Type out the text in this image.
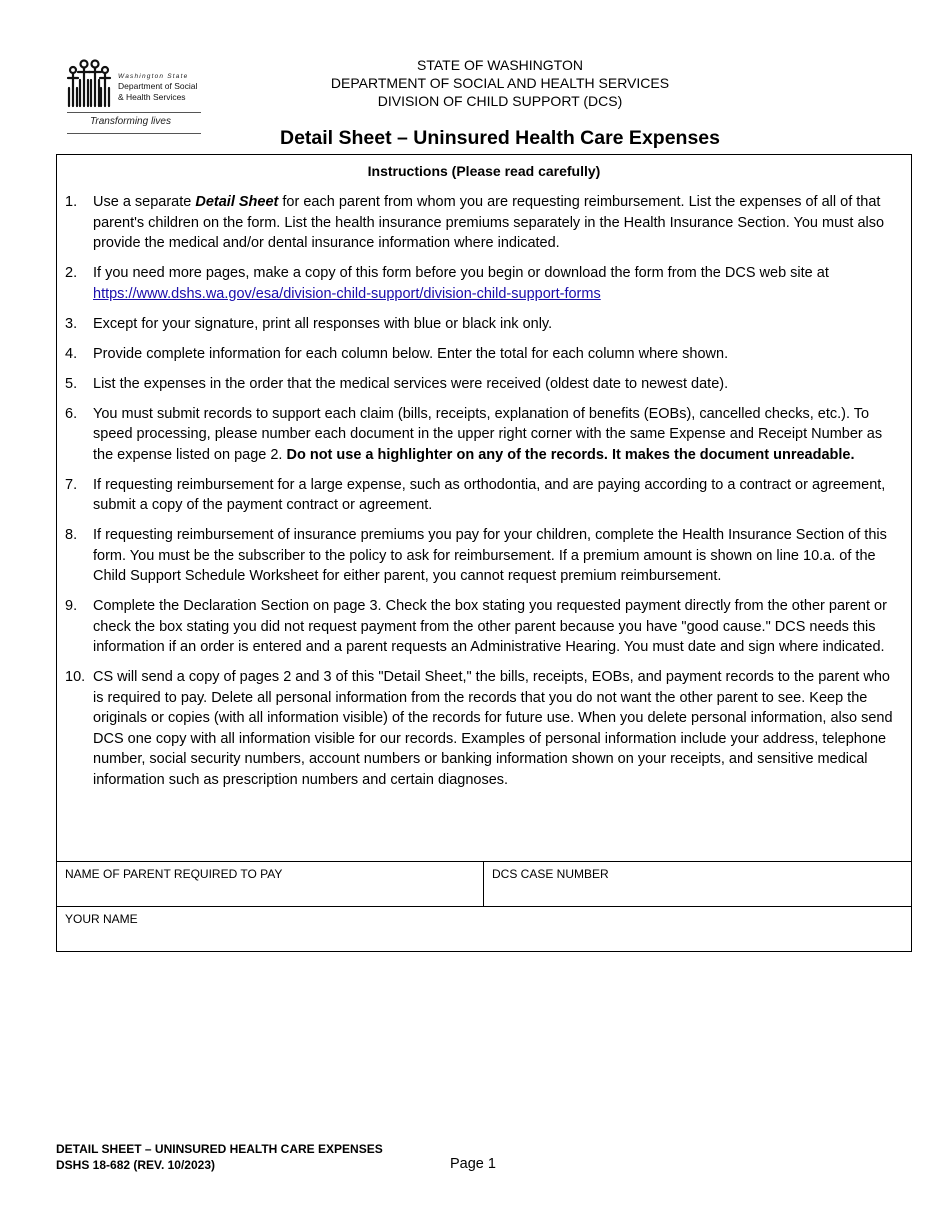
Washington State
Department of Social
& Health Services
Transforming lives
STATE OF WASHINGTON
DEPARTMENT OF SOCIAL AND HEALTH SERVICES
DIVISION OF CHILD SUPPORT (DCS)
Detail Sheet – Uninsured Health Care Expenses
Instructions (Please read carefully)
1.	Use a separate Detail Sheet for each parent from whom you are requesting reimbursement. List the expenses of all of that parent's children on the form. List the health insurance premiums separately in the Health Insurance Section. You must also provide the medical and/or dental insurance information where indicated.
2.	If you need more pages, make a copy of this form before you begin or download the form from the DCS web site at https://www.dshs.wa.gov/esa/division-child-support/division-child-support-forms
3.	Except for your signature, print all responses with blue or black ink only.
4.	Provide complete information for each column below. Enter the total for each column where shown.
5.	List the expenses in the order that the medical services were received (oldest date to newest date).
6.	You must submit records to support each claim (bills, receipts, explanation of benefits (EOBs), cancelled checks, etc.). To speed processing, please number each document in the upper right corner with the same Expense and Receipt Number as the expense listed on page 2. Do not use a highlighter on any of the records. It makes the document unreadable.
7.	If requesting reimbursement for a large expense, such as orthodontia, and are paying according to a contract or agreement, submit a copy of the payment contract or agreement.
8.	If requesting reimbursement of insurance premiums you pay for your children, complete the Health Insurance Section of this form. You must be the subscriber to the policy to ask for reimbursement. If a premium amount is shown on line 10.a. of the Child Support Schedule Worksheet for either parent, you cannot request premium reimbursement.
9.	Complete the Declaration Section on page 3. Check the box stating you requested payment directly from the other parent or check the box stating you did not request payment from the other parent because you have "good cause." DCS needs this information if an order is entered and a parent requests an Administrative Hearing. You must date and sign where indicated.
10. CS will send a copy of pages 2 and 3 of this "Detail Sheet," the bills, receipts, EOBs, and payment records to the parent who is required to pay. Delete all personal information from the records that you do not want the other parent to see. Keep the originals or copies (with all information visible) of the records for future use. When you delete personal information, also send DCS one copy with all information visible for our records. Examples of personal information include your address, telephone number, social security numbers, account numbers or banking information shown on your receipts, and sensitive medical information such as prescription numbers and certain diagnoses.
NAME OF PARENT REQUIRED TO PAY	DCS CASE NUMBER
YOUR NAME
DETAIL SHEET – UNINSURED HEALTH CARE EXPENSES
DSHS 18-682 (REV. 10/2023)	Page 1
